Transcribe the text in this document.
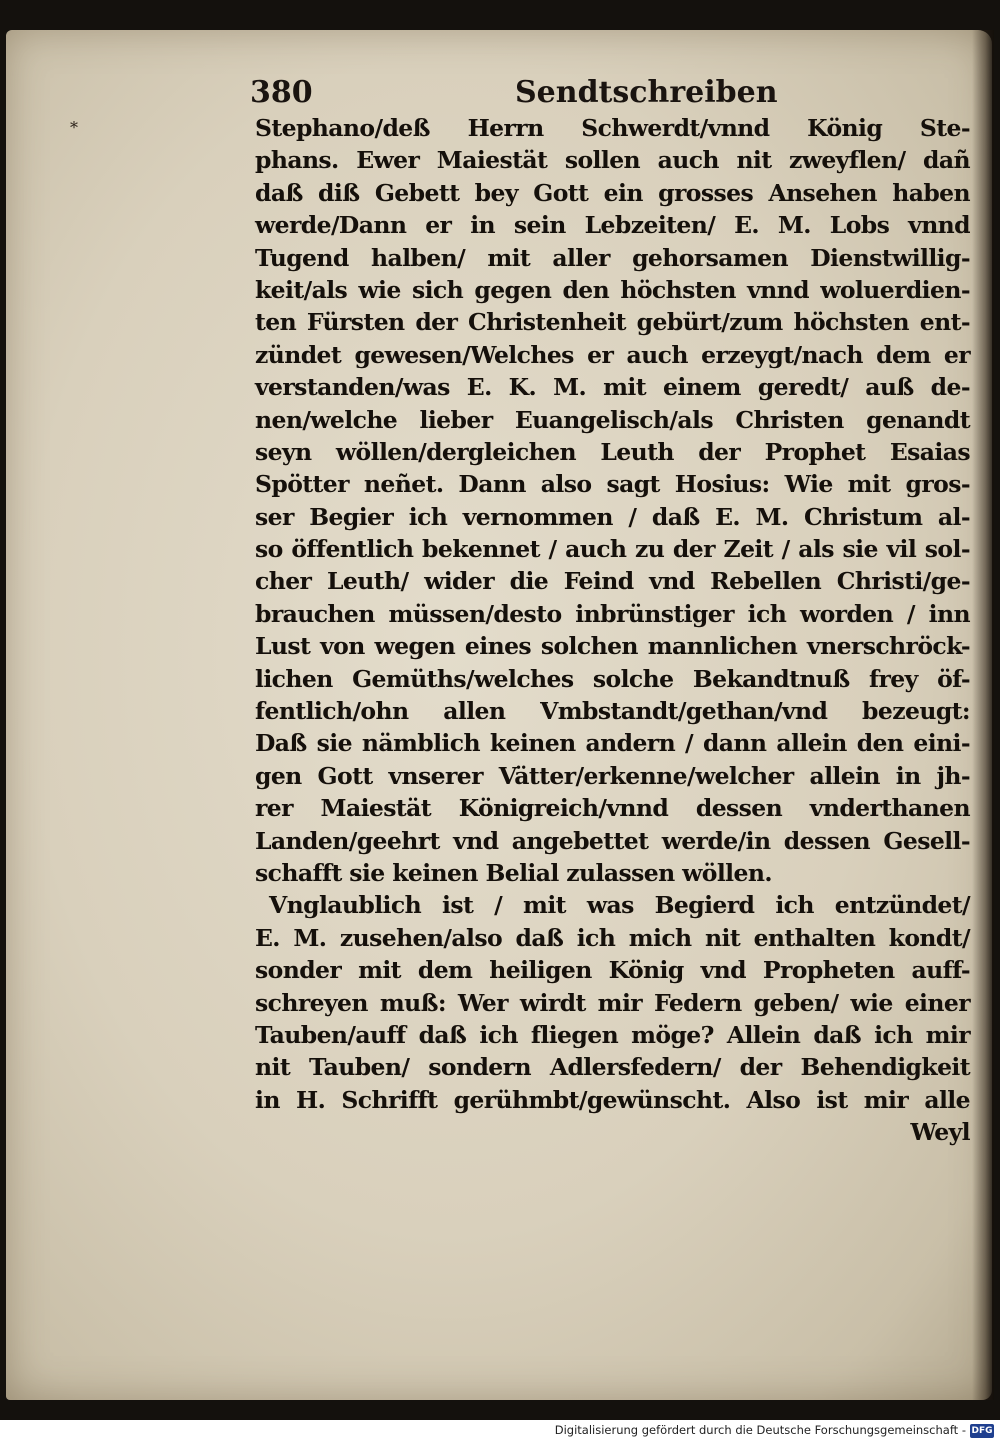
380	Sendtschreiben
*	Stephano/deß Herrn Schwerdt/vnnd König Ste-
phans. Ewer Maiestät sollen auch nit zweyflen/ dañ
daß diß Gebett bey Gott ein grosses Ansehen haben
werde/Dann er in sein Lebzeiten/ E. M. Lobs vnnd
Tugend halben/ mit aller gehorsamen Dienstwillig-
keit/als wie sich gegen den höchsten vnnd woluerdien-
ten Fürsten der Christenheit gebürt/zum höchsten ent-
zündet gewesen/Welches er auch erzeygt/nach dem er
verstanden/was E. K. M. mit einem geredt/ auß de-
nen/welche lieber Euangelisch/als Christen genandt
seyn wöllen/dergleichen Leuth der Prophet Esaias
Spötter neñet. Dann also sagt Hosius: Wie mit gros-
ser Begier ich vernommen / daß E. M. Christum al-
so öffentlich bekennet / auch zu der Zeit / als sie vil sol-
cher Leuth/ wider die Feind vnd Rebellen Christi/ge-
brauchen müssen/desto inbrünstiger ich worden / inn
Lust von wegen eines solchen mannlichen vnerschröck-
lichen Gemüths/welches solche Bekandtnuß frey öf-
fentlich/ohn allen Vmbstandt/gethan/vnd bezeugt:
Daß sie nämblich keinen andern / dann allein den eini-
gen Gott vnserer Vätter/erkenne/welcher allein in jh-
rer Maiestät Königreich/vnnd dessen vnderthanen
Landen/geehrt vnd angebettet werde/in dessen Gesell-
schafft sie keinen Belial zulassen wöllen.
Vnglaublich ist / mit was Begierd ich entzündet/
E. M. zusehen/also daß ich mich nit enthalten kondt/
sonder mit dem heiligen König vnd Propheten auff-
schreyen muß: Wer wirdt mir Federn geben/ wie einer
Tauben/auff daß ich fliegen möge? Allein daß ich mir
nit Tauben/ sondern Adlersfedern/ der Behendigkeit
in H. Schrifft gerühmbt/gewünscht. Also ist mir alle
Weyl
Digitalisierung gefördert durch die Deutsche Forschungsgemeinschaft - DFG
